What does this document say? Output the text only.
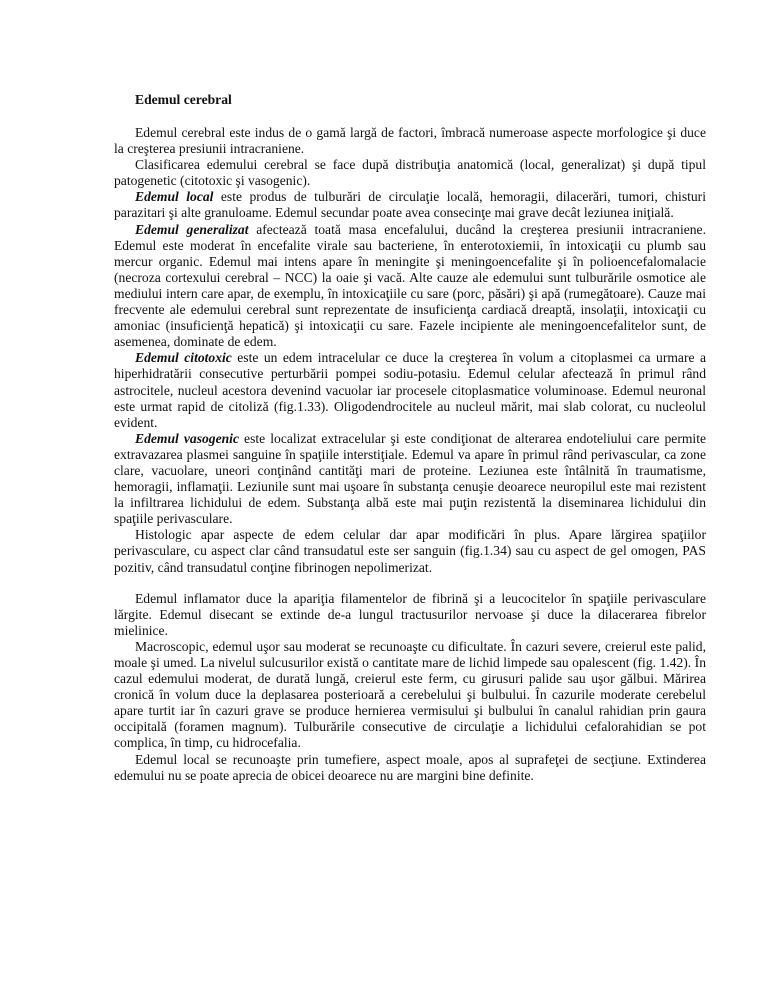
Edemul cerebral

Edemul cerebral este indus de o gamă largă de factori, îmbracă numeroase aspecte morfologice şi duce la creşterea presiunii intracraniene.

Clasificarea edemului cerebral se face după distribuţia anatomică (local, generalizat) şi după tipul patogenetic (citotoxic şi vasogenic).

Edemul local este produs de tulburări de circulaţie locală, hemoragii, dilacerări, tumori, chisturi parazitari şi alte granuloame. Edemul secundar poate avea consecinţe mai grave decât leziunea iniţială.

Edemul generalizat afectează toată masa encefalului, ducând la creşterea presiunii intracraniene. Edemul este moderat în encefalite virale sau bacteriene, în enterotoxiemii, în intoxicaţii cu plumb sau mercur organic. Edemul mai intens apare în meningite şi meningoencefalite şi în polioencefalomalacie (necroza cortexului cerebral – NCC) la oaie şi vacă. Alte cauze ale edemului sunt tulburările osmotice ale mediului intern care apar, de exemplu, în intoxicaţiile cu sare (porc, păsări) şi apă (rumegătoare). Cauze mai frecvente ale edemului cerebral sunt reprezentate de insuficienţa cardiacă dreaptă, insolaţii, intoxicaţii cu amoniac (insuficienţă hepatică) şi intoxicaţii cu sare. Fazele incipiente ale meningoencefalitelor sunt, de asemenea, dominate de edem.

Edemul citotoxic este un edem intracelular ce duce la creşterea în volum a citoplasmei ca urmare a hiperhidratării consecutive perturbării pompei sodiu-potasiu. Edemul celular afectează în primul rând astrocitele, nucleul acestora devenind vacuolar iar procesele citoplasmatice voluminoase. Edemul neuronal este urmat rapid de citoliză (fig.1.33). Oligodendrocitele au nucleul mărit, mai slab colorat, cu nucleolul evident.

Edemul vasogenic este localizat extracelular şi este condiţionat de alterarea endoteliului care permite extravazarea plasmei sanguine în spaţiile interstiţiale. Edemul va apare în primul rând perivascular, ca zone clare, vacuolare, uneori conţinând cantităţi mari de proteine. Leziunea este întâlnită în traumatisme, hemoragii, inflamaţii. Leziunile sunt mai uşoare în substanţa cenuşie deoarece neuropilul este mai rezistent la infiltrarea lichidului de edem. Substanţa albă este mai puţin rezistentă la diseminarea lichidului din spaţiile perivasculare.

Histologic apar aspecte de edem celular dar apar modificări în plus. Apare lărgirea spaţiilor perivasculare, cu aspect clar când transudatul este ser sanguin (fig.1.34) sau cu aspect de gel omogen, PAS pozitiv, când transudatul conţine fibrinogen nepolimerizat.

Edemul inflamator duce la apariţia filamentelor de fibrină şi a leucocitelor în spaţiile perivasculare lărgite. Edemul disecant se extinde de-a lungul tractusurilor nervoase şi duce la dilacerarea fibrelor mielinice.

Macroscopic, edemul uşor sau moderat se recunoaşte cu dificultate. În cazuri severe, creierul este palid, moale şi umed. La nivelul sulcusurilor există o cantitate mare de lichid limpede sau opalescent (fig. 1.42). În cazul edemului moderat, de durată lungă, creierul este ferm, cu girusuri palide sau uşor gălbui. Mărirea cronică în volum duce la deplasarea posterioară a cerebelului şi bulbului. În cazurile moderate cerebelul apare turtit iar în cazuri grave se produce hernierea vermisului şi bulbului în canalul rahidian prin gaura occipitală (foramen magnum). Tulburările consecutive de circulaţie a lichidului cefalorahidian se pot complica, în timp, cu hidrocefalia.

Edemul local se recunoaşte prin tumefiere, aspect moale, apos al suprafeţei de secţiune. Extinderea edemului nu se poate aprecia de obicei deoarece nu are margini bine definite.
